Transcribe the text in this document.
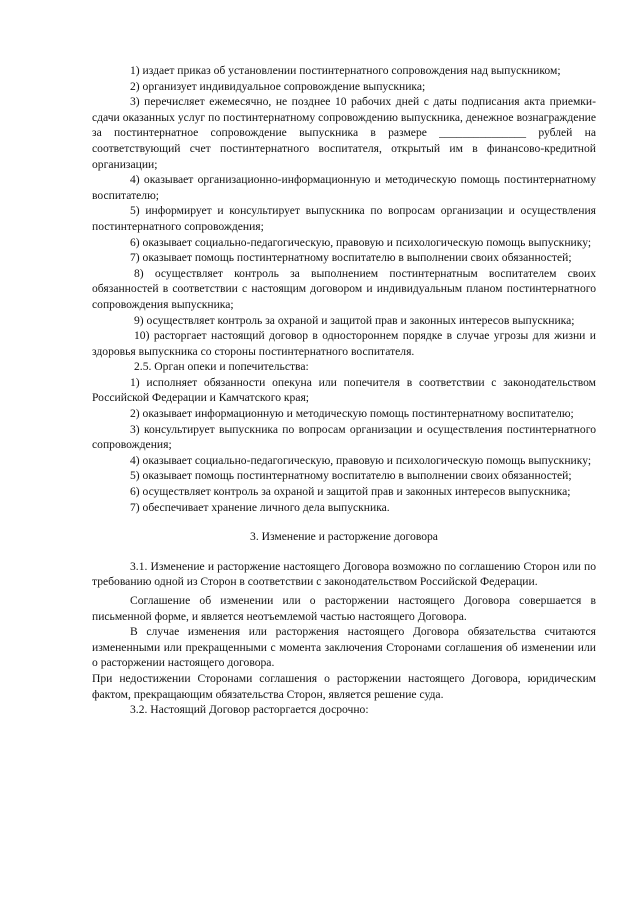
1) издает приказ об установлении постинтернатного сопровождения над выпускником;

2) организует индивидуальное сопровождение выпускника;

3) перечисляет ежемесячно, не позднее 10 рабочих дней с даты подписания акта приемки-сдачи оказанных услуг по постинтернатному сопровождению выпускника, денежное вознаграждение за постинтернатное сопровождение выпускника в размере _______________ рублей на соответствующий счет постинтернатного воспитателя, открытый им в финансово-кредитной организации;

4) оказывает организационно-информационную и методическую помощь постинтернатному воспитателю;

5) информирует и консультирует выпускника по вопросам организации и осуществления постинтернатного сопровождения;

6) оказывает социально-педагогическую, правовую и психологическую помощь выпускнику;

7) оказывает помощь постинтернатному воспитателю в выполнении своих обязанностей;

8) осуществляет контроль за выполнением постинтернатным воспитателем своих обязанностей в соответствии с настоящим договором и индивидуальным планом постинтернатного сопровождения выпускника;

9) осуществляет контроль за охраной и защитой прав и законных интересов выпускника;

10) расторгает настоящий договор в одностороннем порядке в случае угрозы для жизни и здоровья выпускника со стороны постинтернатного воспитателя.

2.5. Орган опеки и попечительства:

1) исполняет обязанности опекуна или попечителя в соответствии с законодательством Российской Федерации и Камчатского края;

2) оказывает информационную и методическую помощь постинтернатному воспитателю;

3) консультирует выпускника по вопросам организации и осуществления постинтернатного сопровождения;

4) оказывает социально-педагогическую, правовую и психологическую помощь выпускнику;

5) оказывает помощь постинтернатному воспитателю в выполнении своих обязанностей;

6) осуществляет контроль за охраной и защитой прав и законных интересов выпускника;

7) обеспечивает хранение личного дела выпускника.

3. Изменение и расторжение договора

3.1. Изменение и расторжение настоящего Договора возможно по соглашению Сторон или по требованию одной из Сторон в соответствии с законодательством Российской Федерации.

Соглашение об изменении или о расторжении настоящего Договора совершается в письменной форме, и является неотъемлемой частью настоящего Договора.

В случае изменения или расторжения настоящего Договора обязательства считаются измененными или прекращенными с момента заключения Сторонами соглашения об изменении или о расторжении настоящего договора.

При недостижении Сторонами соглашения о расторжении настоящего Договора, юридическим фактом, прекращающим обязательства Сторон, является решение суда.

3.2. Настоящий Договор расторгается досрочно:
